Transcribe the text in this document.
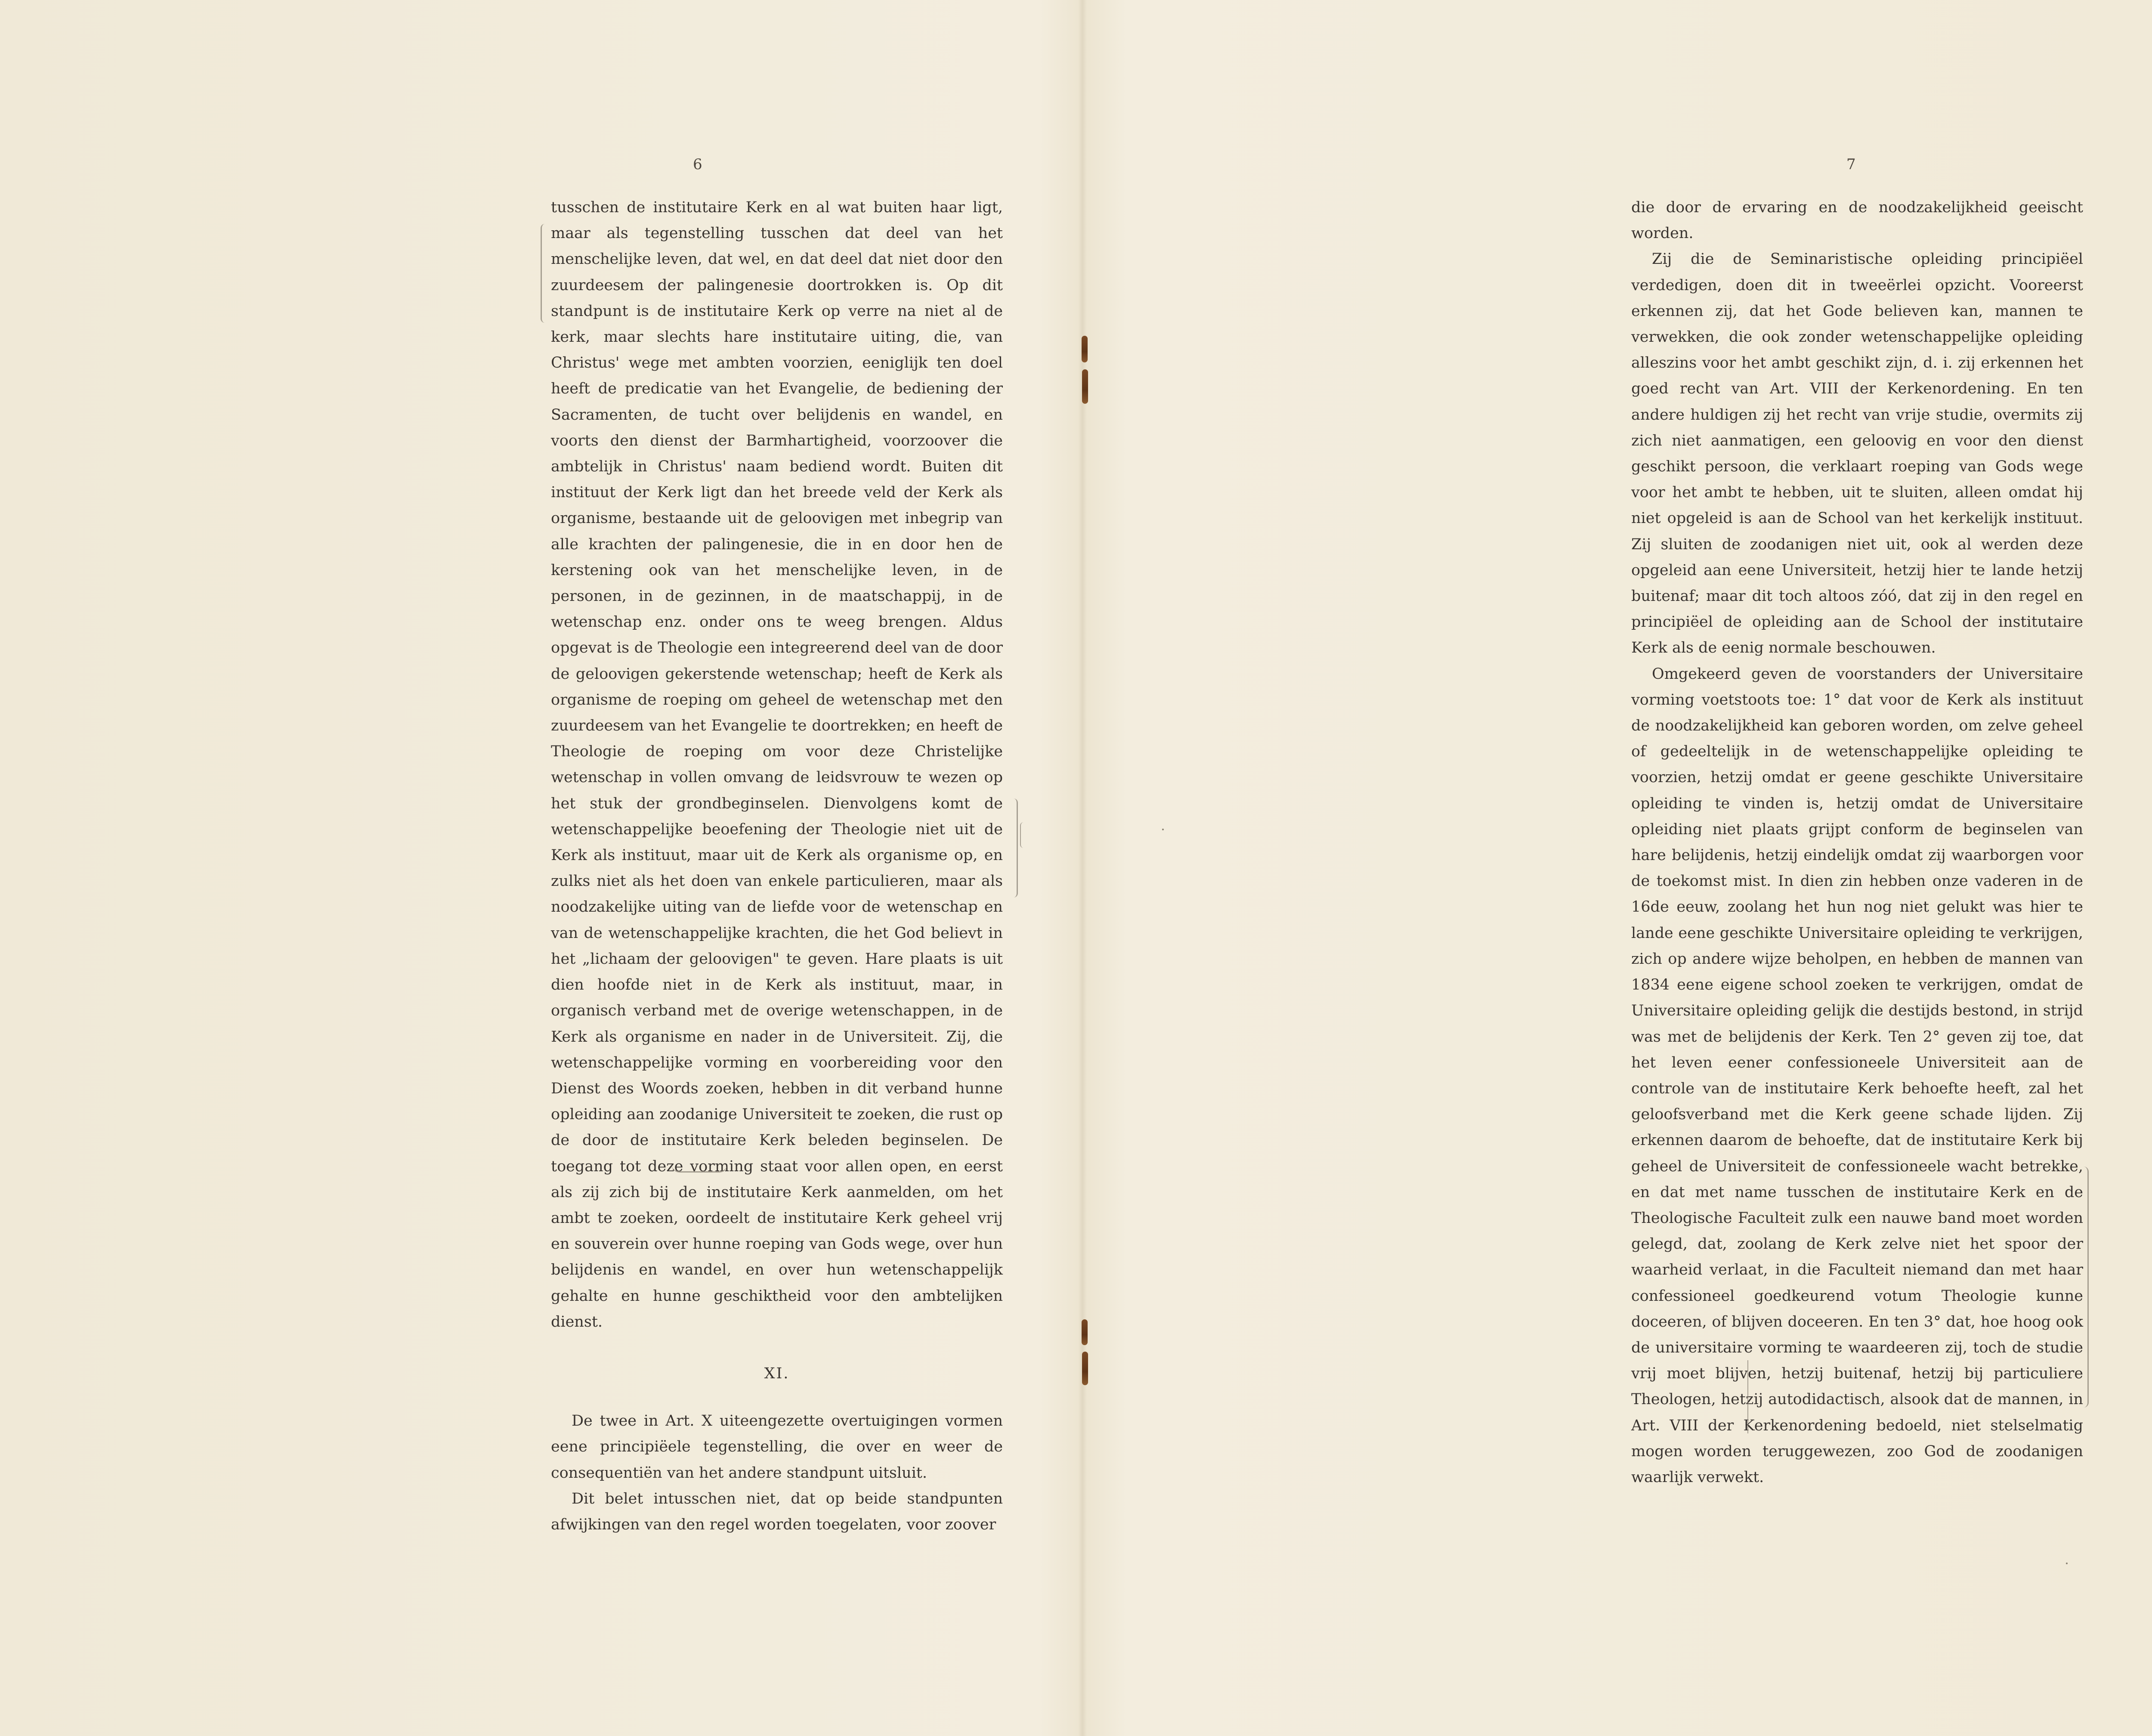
6

tusschen de institutaire Kerk en al wat buiten haar ligt, maar als tegenstelling tusschen dat deel van het menschelijke leven, dat wel, en dat deel dat niet door den zuurdeesem der palingenesie doortrokken is. Op dit standpunt is de institutaire Kerk op verre na niet al de kerk, maar slechts hare institutaire uiting, die, van Christus' wege met ambten voorzien, eeniglijk ten doel heeft de predicatie van het Evangelie, de bediening der Sacramenten, de tucht over belijdenis en wandel, en voorts den dienst der Barmhartigheid, voorzoover die ambtelijk in Christus' naam bediend wordt. Buiten dit instituut der Kerk ligt dan het breede veld der Kerk als organisme, bestaande uit de geloovigen met inbegrip van alle krachten der palingenesie, die in en door hen de kerstening ook van het menschelijke leven, in de personen, in de gezinnen, in de maatschappij, in de wetenschap enz. onder ons te weeg brengen. Aldus opgevat is de Theologie een integreerend deel van de door de geloovigen gekerstende wetenschap; heeft de Kerk als organisme de roeping om geheel de wetenschap met den zuurdeesem van het Evangelie te doortrekken; en heeft de Theologie de roeping om voor deze Christelijke wetenschap in vollen omvang de leidsvrouw te wezen op het stuk der grondbeginselen. Dienvolgens komt de wetenschappelijke beoefening der Theologie niet uit de Kerk als instituut, maar uit de Kerk als organisme op, en zulks niet als het doen van enkele particulieren, maar als noodzakelijke uiting van de liefde voor de wetenschap en van de wetenschappelijke krachten, die het God believt in het „lichaam der geloovigen" te geven. Hare plaats is uit dien hoofde niet in de Kerk als instituut, maar, in organisch verband met de overige wetenschappen, in de Kerk als organisme en nader in de Universiteit. Zij, die wetenschappelijke vorming en voorbereiding voor den Dienst des Woords zoeken, hebben in dit verband hunne opleiding aan zoodanige Universiteit te zoeken, die rust op de door de institutaire Kerk beleden beginselen. De toegang tot deze vorming staat voor allen open, en eerst als zij zich bij de institutaire Kerk aanmelden, om het ambt te zoeken, oordeelt de institutaire Kerk geheel vrij en souverein over hunne roeping van Gods wege, over hun belijdenis en wandel, en over hun wetenschappelijk gehalte en hunne geschiktheid voor den ambtelijken dienst.

XI.

De twee in Art. X uiteengezette overtuigingen vormen eene principiëele tegenstelling, die over en weer de consequentiën van het andere standpunt uitsluit.

Dit belet intusschen niet, dat op beide standpunten afwijkingen van den regel worden toegelaten, voor zoover

7

die door de ervaring en de noodzakelijkheid geeischt worden.

Zij die de Seminaristische opleiding principiëel verdedigen, doen dit in tweeërlei opzicht. Vooreerst erkennen zij, dat het Gode believen kan, mannen te verwekken, die ook zonder wetenschappelijke opleiding alleszins voor het ambt geschikt zijn, d. i. zij erkennen het goed recht van Art. VIII der Kerkenordening. En ten andere huldigen zij het recht van vrije studie, overmits zij zich niet aanmatigen, een geloovig en voor den dienst geschikt persoon, die verklaart roeping van Gods wege voor het ambt te hebben, uit te sluiten, alleen omdat hij niet opgeleid is aan de School van het kerkelijk instituut. Zij sluiten de zoodanigen niet uit, ook al werden deze opgeleid aan eene Universiteit, hetzij hier te lande hetzij buitenaf; maar dit toch altoos zóó, dat zij in den regel en principiëel de opleiding aan de School der institutaire Kerk als de eenig normale beschouwen.

Omgekeerd geven de voorstanders der Universitaire vorming voetstoots toe: 1° dat voor de Kerk als instituut de noodzakelijkheid kan geboren worden, om zelve geheel of gedeeltelijk in de wetenschappelijke opleiding te voorzien, hetzij omdat er geene geschikte Universitaire opleiding te vinden is, hetzij omdat de Universitaire opleiding niet plaats grijpt conform de beginselen van hare belijdenis, hetzij eindelijk omdat zij waarborgen voor de toekomst mist. In dien zin hebben onze vaderen in de 16de eeuw, zoolang het hun nog niet gelukt was hier te lande eene geschikte Universitaire opleiding te verkrijgen, zich op andere wijze beholpen, en hebben de mannen van 1834 eene eigene school zoeken te verkrijgen, omdat de Universitaire opleiding gelijk die destijds bestond, in strijd was met de belijdenis der Kerk. Ten 2° geven zij toe, dat het leven eener confessioneele Universiteit aan de controle van de institutaire Kerk behoefte heeft, zal het geloofsverband met die Kerk geene schade lijden. Zij erkennen daarom de behoefte, dat de institutaire Kerk bij geheel de Universiteit de confessioneele wacht betrekke, en dat met name tusschen de institutaire Kerk en de Theologische Faculteit zulk een nauwe band moet worden gelegd, dat, zoolang de Kerk zelve niet het spoor der waarheid verlaat, in die Faculteit niemand dan met haar confessioneel goedkeurend votum Theologie kunne doceeren, of blijven doceeren. En ten 3° dat, hoe hoog ook de universitaire vorming te waardeeren zij, toch de studie vrij moet blijven, hetzij buitenaf, hetzij bij particuliere Theologen, hetzij autodidactisch, alsook dat de mannen, in Art. VIII der Kerkenordening bedoeld, niet stelselmatig mogen worden teruggewezen, zoo God de zoodanigen waarlijk verwekt.
